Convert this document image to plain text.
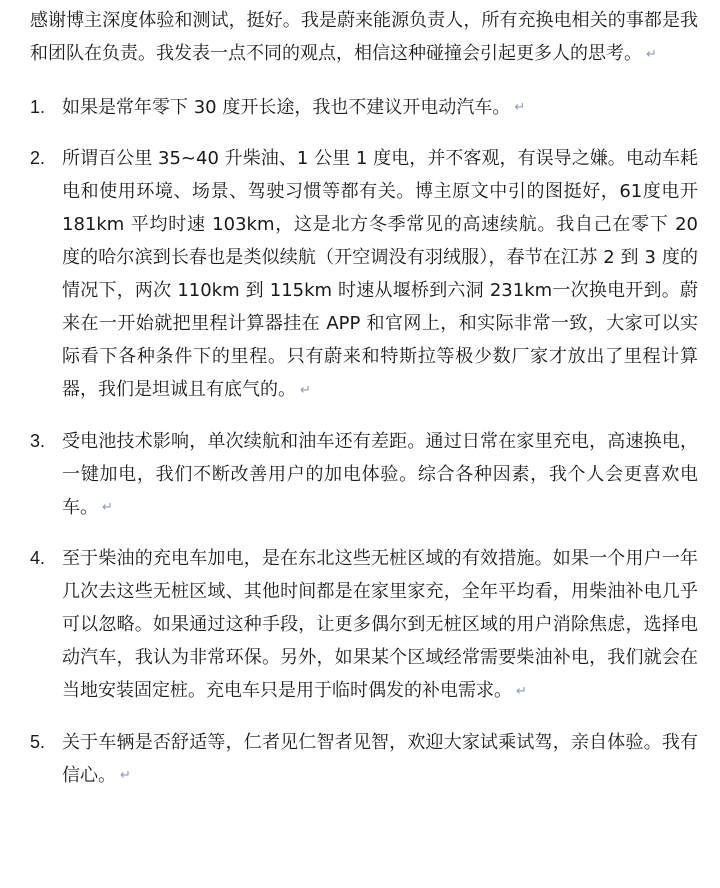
感谢博主深度体验和测试，挺好。我是蔚来能源负责人，所有充换电相关的事都是我和团队在负责。我发表一点不同的观点，相信这种碰撞会引起更多人的思考。 ↵

1. 如果是常年零下 30 度开长途，我也不建议开电动汽车。 ↵
2. 所谓百公里 35~40 升柴油、1 公里 1 度电，并不客观，有误导之嫌。电动车耗电和使用环境、场景、驾驶习惯等都有关。博主原文中引的图挺好，61度电开 181km 平均时速 103km，这是北方冬季常见的高速续航。我自己在零下 20 度的哈尔滨到长春也是类似续航（开空调没有羽绒服），春节在江苏 2 到 3 度的情况下，两次 110km 到 115km 时速从堰桥到六洞 231km一次换电开到。蔚来在一开始就把里程计算器挂在 APP 和官网上，和实际非常一致，大家可以实际看下各种条件下的里程。只有蔚来和特斯拉等极少数厂家才放出了里程计算器，我们是坦诚且有底气的。 ↵
3. 受电池技术影响，单次续航和油车还有差距。通过日常在家里充电，高速换电，一键加电，我们不断改善用户的加电体验。综合各种因素，我个人会更喜欢电车。 ↵
4. 至于柴油的充电车加电，是在东北这些无桩区域的有效措施。如果一个用户一年几次去这些无桩区域、其他时间都是在家里家充，全年平均看，用柴油补电几乎可以忽略。如果通过这种手段，让更多偶尔到无桩区域的用户消除焦虑，选择电动汽车，我认为非常环保。另外，如果某个区域经常需要柴油补电，我们就会在当地安装固定桩。充电车只是用于临时偶发的补电需求。 ↵
5. 关于车辆是否舒适等，仁者见仁智者见智，欢迎大家试乘试驾，亲自体验。我有信心。 ↵
